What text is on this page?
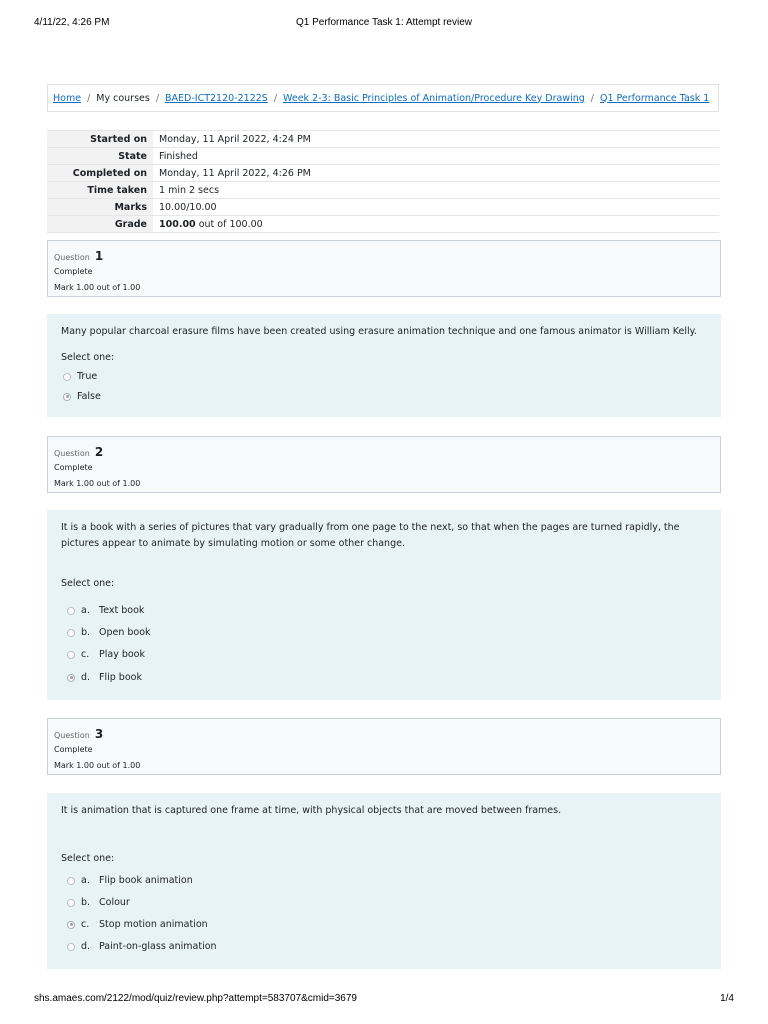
4/11/22, 4:26 PM	Q1 Performance Task 1: Attempt review
Home / My courses / BAED-ICT2120-2122S / Week 2-3: Basic Principles of Animation/Procedure Key Drawing / Q1 Performance Task 1
Started on	Monday, 11 April 2022, 4:24 PM
State	Finished
Completed on	Monday, 11 April 2022, 4:26 PM
Time taken	1 min 2 secs
Marks	10.00/10.00
Grade	100.00 out of 100.00
Question 1
Complete
Mark 1.00 out of 1.00
Many popular charcoal erasure films have been created using erasure animation technique and one famous animator is William Kelly.
Select one:
True
False
Question 2
Complete
Mark 1.00 out of 1.00
It is a book with a series of pictures that vary gradually from one page to the next, so that when the pages are turned rapidly, the pictures appear to animate by simulating motion or some other change.
Select one:
a. Text book
b. Open book
c.	Play book
d. Flip book
Question 3
Complete
Mark 1.00 out of 1.00
It is animation that is captured one frame at time, with physical objects that are moved between frames.
Select one:
a. Flip book animation
b. Colour
c.	Stop motion animation
d. Paint-on-glass animation
shs.amaes.com/2122/mod/quiz/review.php?attempt=583707&cmid=3679	1/4
